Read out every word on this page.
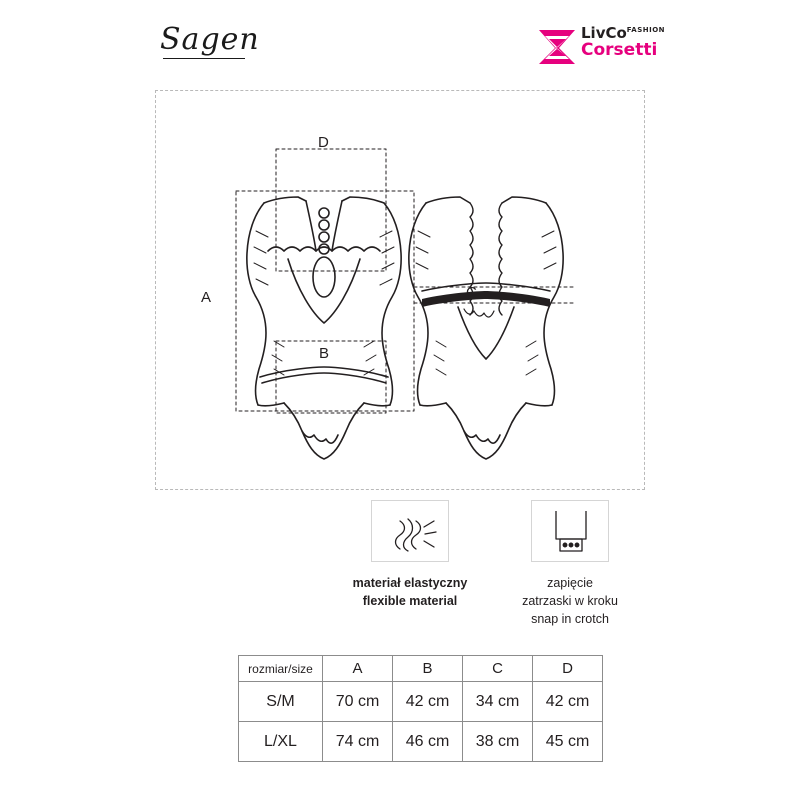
Sagen	LivCo$^{FASHION}$
Corsetti
A
B
C
D
materiał elastyczny
flexible material
zapięcie
zatrzaski w kroku
snap in crotch
rozmiar/size	A	B	C	D
S/M	70 cm	42 cm	34 cm	42 cm
L/XL	74 cm	46 cm	38 cm	45 cm
